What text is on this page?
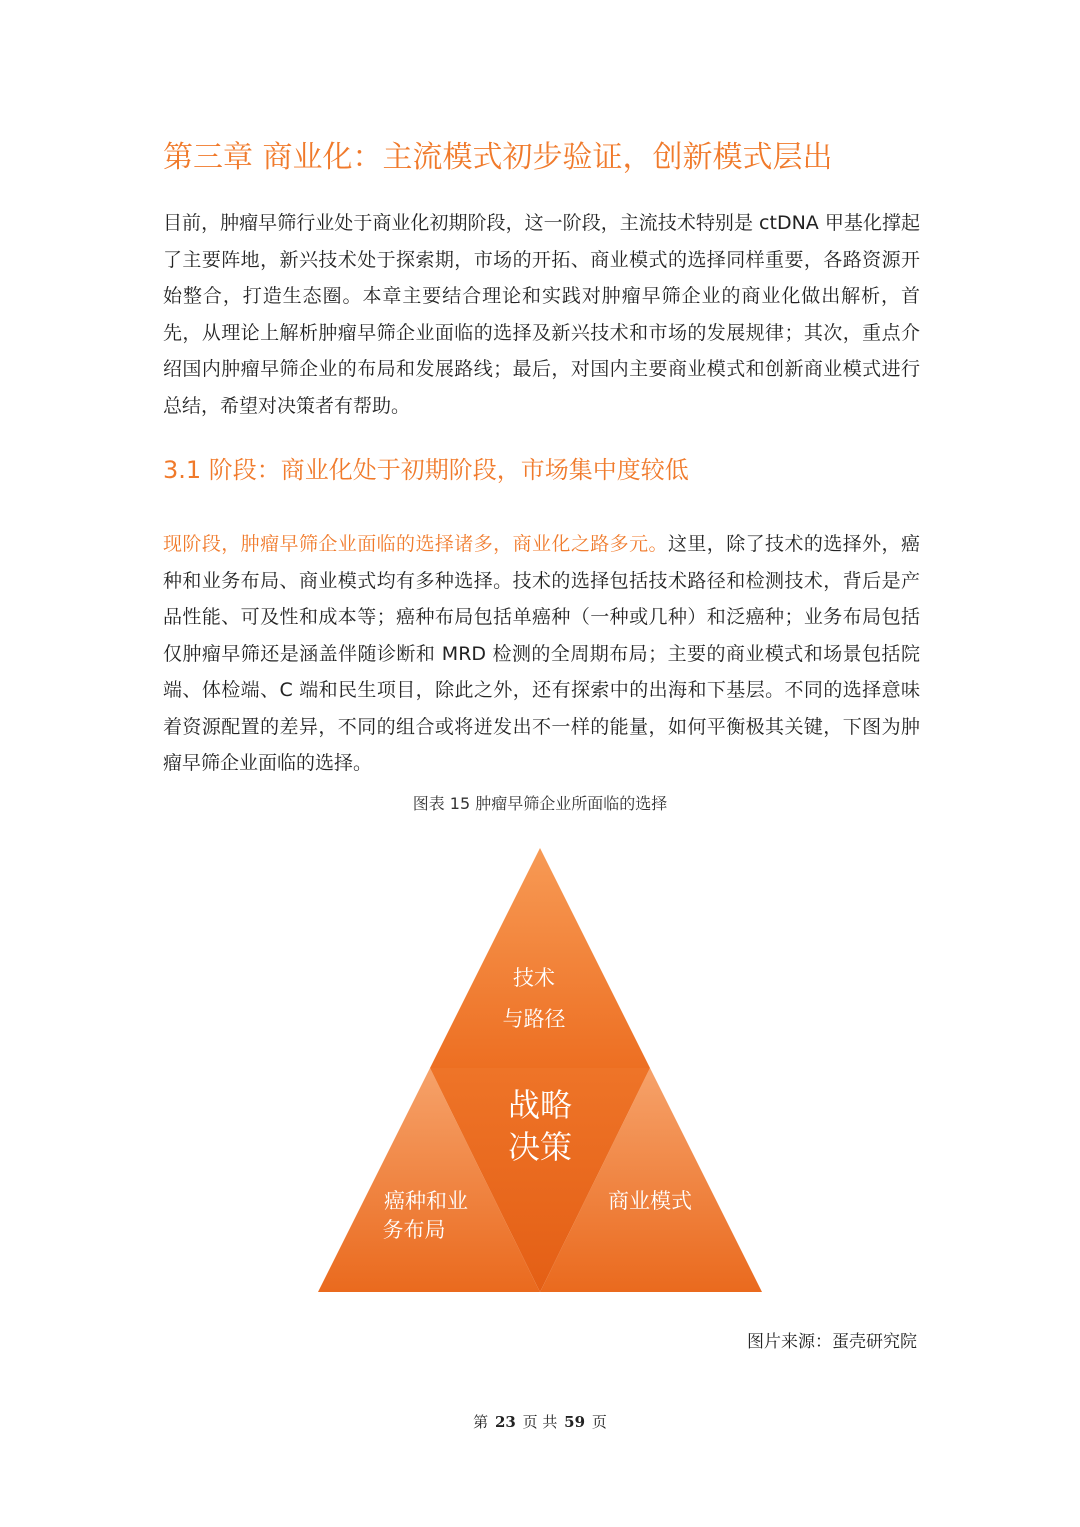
第三章 商业化：主流模式初步验证，创新模式层出

目前，肿瘤早筛行业处于商业化初期阶段，这一阶段，主流技术特别是 ctDNA 甲基化撑起了主要阵地，新兴技术处于探索期，市场的开拓、商业模式的选择同样重要，各路资源开始整合，打造生态圈。本章主要结合理论和实践对肿瘤早筛企业的商业化做出解析，首先，从理论上解析肿瘤早筛企业面临的选择及新兴技术和市场的发展规律；其次，重点介绍国内肿瘤早筛企业的布局和发展路线；最后，对国内主要商业模式和创新商业模式进行总结，希望对决策者有帮助。

3.1 阶段：商业化处于初期阶段，市场集中度较低

现阶段，肿瘤早筛企业面临的选择诸多，商业化之路多元。这里，除了技术的选择外，癌种和业务布局、商业模式均有多种选择。技术的选择包括技术路径和检测技术，背后是产品性能、可及性和成本等；癌种布局包括单癌种（一种或几种）和泛癌种；业务布局包括仅肿瘤早筛还是涵盖伴随诊断和 MRD 检测的全周期布局；主要的商业模式和场景包括院端、体检端、C 端和民生项目，除此之外，还有探索中的出海和下基层。不同的选择意味着资源配置的差异，不同的组合或将迸发出不一样的能量，如何平衡极其关键，下图为肿瘤早筛企业面临的选择。

图表 15 肿瘤早筛企业所面临的选择
技术
与路径
战略
决策
癌种和业
务布局
商业模式
图片来源：蛋壳研究院
第 23 页 共 59 页
